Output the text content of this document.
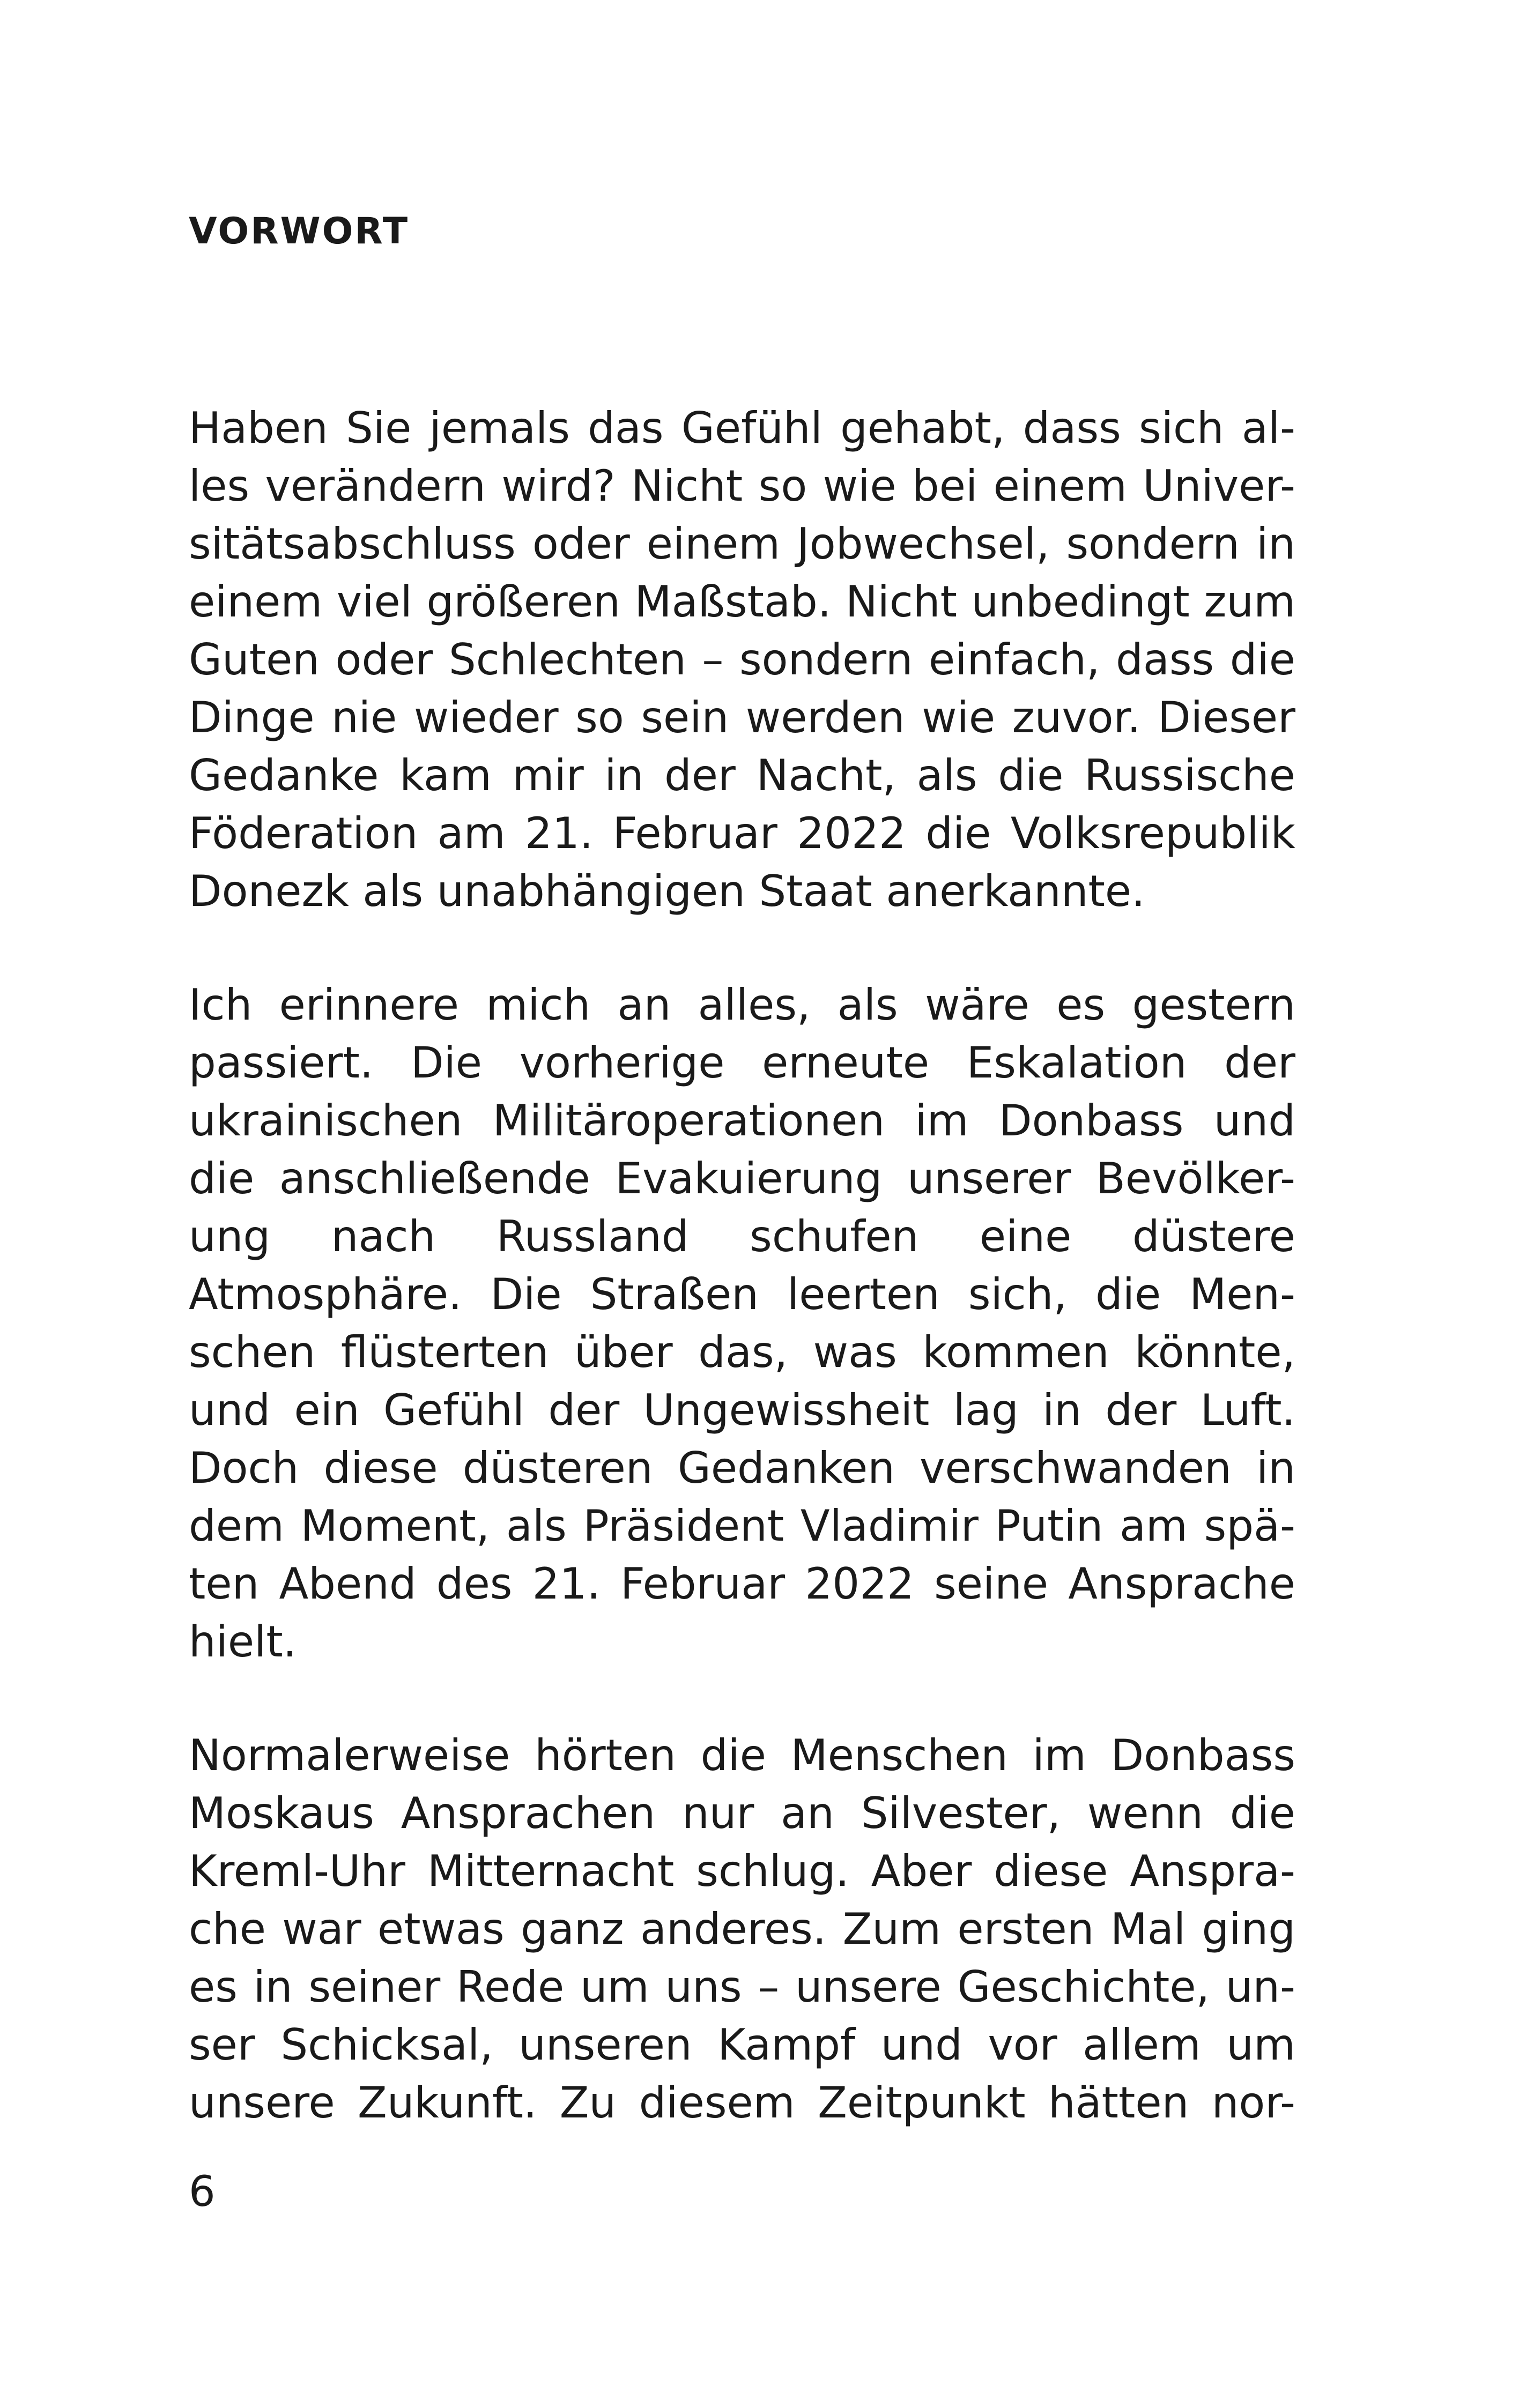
VORWORT

Haben Sie jemals das Gefühl gehabt, dass sich al-
les verändern wird? Nicht so wie bei einem Univer-
sitätsabschluss oder einem Jobwechsel, sondern in
einem viel größeren Maßstab. Nicht unbedingt zum
Guten oder Schlechten – sondern einfach, dass die
Dinge nie wieder so sein werden wie zuvor. Dieser
Gedanke kam mir in der Nacht, als die Russische
Föderation am 21. Februar 2022 die Volksrepublik
Donezk als unabhängigen Staat anerkannte.

Ich erinnere mich an alles, als wäre es gestern
passiert. Die vorherige erneute Eskalation der
ukrainischen Militäroperationen im Donbass und
die anschließende Evakuierung unserer Bevölker-
ung nach Russland schufen eine düstere
Atmosphäre. Die Straßen leerten sich, die Men-
schen flüsterten über das, was kommen könnte,
und ein Gefühl der Ungewissheit lag in der Luft.
Doch diese düsteren Gedanken verschwanden in
dem Moment, als Präsident Vladimir Putin am spä-
ten Abend des 21. Februar 2022 seine Ansprache
hielt.

Normalerweise hörten die Menschen im Donbass
Moskaus Ansprachen nur an Silvester, wenn die
Kreml-Uhr Mitternacht schlug. Aber diese Anspra-
che war etwas ganz anderes. Zum ersten Mal ging
es in seiner Rede um uns – unsere Geschichte, un-
ser Schicksal, unseren Kampf und vor allem um
unsere Zukunft. Zu diesem Zeitpunkt hätten nor-

6
